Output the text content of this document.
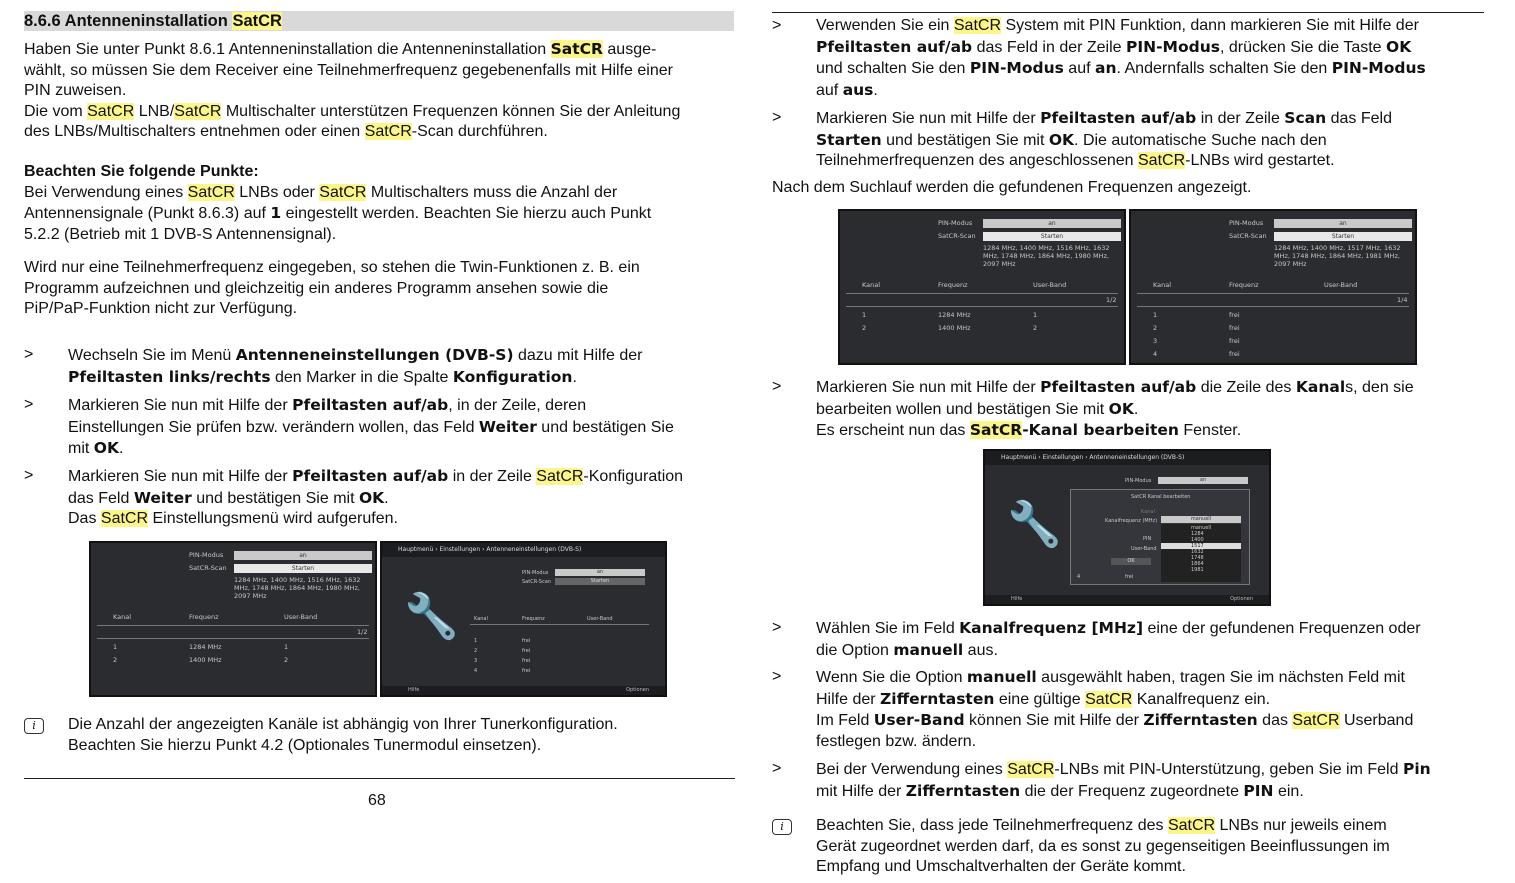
8.6.6 Antenneninstallation SatCR
Haben Sie unter Punkt 8.6.1 Antenneninstallation die Antenneninstallation SatCR ausge-
wählt, so müssen Sie dem Receiver eine Teilnehmerfrequenz gegebenenfalls mit Hilfe einer
PIN zuweisen.
Die vom SatCR LNB/SatCR Multischalter unterstützen Frequenzen können Sie der Anleitung
des LNBs/Multischalters entnehmen oder einen SatCR-Scan durchführen.
Beachten Sie folgende Punkte:
Bei Verwendung eines SatCR LNBs oder SatCR Multischalters muss die Anzahl der
Antennensignale (Punkt 8.6.3) auf 1 eingestellt werden. Beachten Sie hierzu auch Punkt
5.2.2 (Betrieb mit 1 DVB-S Antennensignal).
Wird nur eine Teilnehmerfrequenz eingegeben, so stehen die Twin-Funktionen z. B. ein
Programm aufzeichnen und gleichzeitig ein anderes Programm ansehen sowie die
PiP/PaP-Funktion nicht zur Verfügung.
>	Wechseln Sie im Menü Antenneneinstellungen (DVB-S) dazu mit Hilfe der
Pfeiltasten links/rechts den Marker in die Spalte Konfiguration.
>	Markieren Sie nun mit Hilfe der Pfeiltasten auf/ab, in der Zeile, deren
Einstellungen Sie prüfen bzw. verändern wollen, das Feld Weiter und bestätigen Sie
mit OK.
>	Markieren Sie nun mit Hilfe der Pfeiltasten auf/ab in der Zeile SatCR-Konfiguration
das Feld Weiter und bestätigen Sie mit OK.
Das SatCR Einstellungsmenü wird aufgerufen.
PIN-Modus	an
SatCR-Scan	Starten
1284 MHz, 1400 MHz, 1516 MHz, 1632
MHz, 1748 MHz, 1864 MHz, 1980 MHz,
2097 MHz
Kanal	Frequenz	User-Band
1/2
1	1284 MHz	1
2	1400 MHz	2
Hauptmenü › Einstellungen › Antenneneinstellungen (DVB-S)
🔧
PIN-Modus	an
SatCR-Scan	Starten
Kanal	Frequenz	User-Band
1	frei
2	frei
3	frei
4	frei
Hilfe	Optionen
i	Die Anzahl der angezeigten Kanäle ist abhängig von Ihrer Tunerkonfiguration.
Beachten Sie hierzu Punkt 4.2 (Optionales Tunermodul einsetzen).
68
>	Verwenden Sie ein SatCR System mit PIN Funktion, dann markieren Sie mit Hilfe der
Pfeiltasten auf/ab das Feld in der Zeile PIN-Modus, drücken Sie die Taste OK
und schalten Sie den PIN-Modus auf an. Andernfalls schalten Sie den PIN-Modus
auf aus.
>	Markieren Sie nun mit Hilfe der Pfeiltasten auf/ab in der Zeile Scan das Feld
Starten und bestätigen Sie mit OK. Die automatische Suche nach den
Teilnehmerfrequenzen des angeschlossenen SatCR-LNBs wird gestartet.
Nach dem Suchlauf werden die gefundenen Frequenzen angezeigt.
PIN-Modus	an
SatCR-Scan	Starten
1284 MHz, 1400 MHz, 1516 MHz, 1632
MHz, 1748 MHz, 1864 MHz, 1980 MHz,
2097 MHz
Kanal	Frequenz	User-Band
1/2
1	1284 MHz	1
2	1400 MHz	2
PIN-Modus	an
SatCR-Scan	Starten
1284 MHz, 1400 MHz, 1517 MHz, 1632
MHz, 1748 MHz, 1864 MHz, 1981 MHz,
2097 MHz
Kanal	Frequenz	User-Band
1/4
1	frei
2	frei
3	frei
4	frei
>	Markieren Sie nun mit Hilfe der Pfeiltasten auf/ab die Zeile des Kanals, den sie
bearbeiten wollen und bestätigen Sie mit OK.
Es erscheint nun das SatCR-Kanal bearbeiten Fenster.
Hauptmenü › Einstellungen › Antenneneinstellungen (DVB-S)
🔧
PIN-Modus	an
SatCR Kanal bearbeiten
Kanal
Kanalfrequenz (MHz)	manuell
PIN
User-Band
OK
manuell
1284
1400
1517
1632
1748
1864
1981
4	frei
Hilfe	Optionen
>	Wählen Sie im Feld Kanalfrequenz [MHz] eine der gefundenen Frequenzen oder
die Option manuell aus.
>	Wenn Sie die Option manuell ausgewählt haben, tragen Sie im nächsten Feld mit
Hilfe der Zifferntasten eine gültige SatCR Kanalfrequenz ein.
Im Feld User-Band können Sie mit Hilfe der Zifferntasten das SatCR Userband
festlegen bzw. ändern.
>	Bei der Verwendung eines SatCR-LNBs mit PIN-Unterstützung, geben Sie im Feld Pin
mit Hilfe der Zifferntasten die der Frequenz zugeordnete PIN ein.
i	Beachten Sie, dass jede Teilnehmerfrequenz des SatCR LNBs nur jeweils einem
Gerät zugeordnet werden darf, da es sonst zu gegenseitigen Beeinflussungen im
Empfang und Umschaltverhalten der Geräte kommt.
